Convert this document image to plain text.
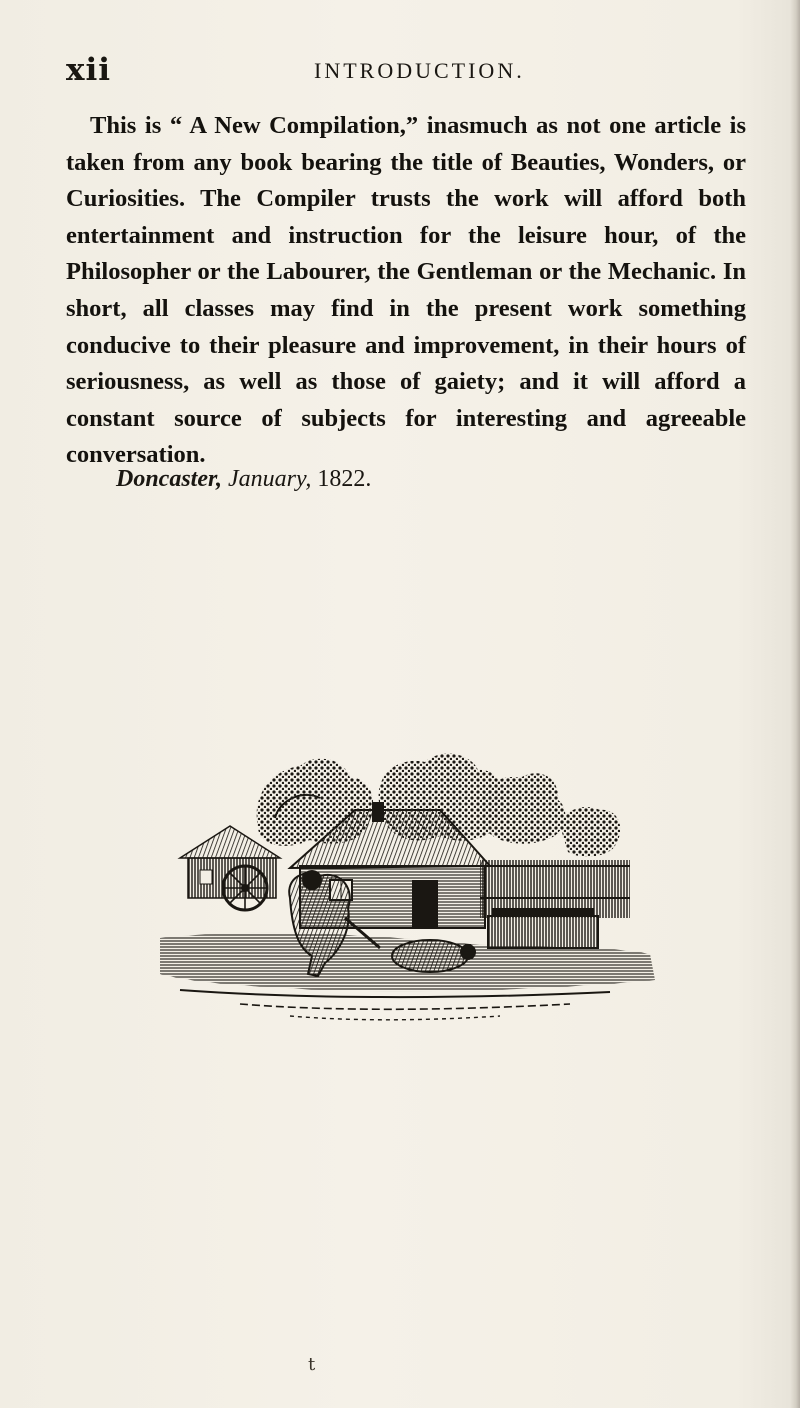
xii	INTRODUCTION.

This is “ A New Compilation,” inasmuch as not one article is taken from any book bearing the title of Beauties, Wonders, or Curiosities. The Compiler trusts the work will afford both entertainment and instruction for the leisure hour, of the Philosopher or the Labourer, the Gentleman or the Mechanic. In short, all classes may find in the present work something conducive to their pleasure and improvement, in their hours of seriousness, as well as those of gaiety; and it will afford a constant source of subjects for interesting and agreeable conversation.

Doncaster, January, 1822.
t
